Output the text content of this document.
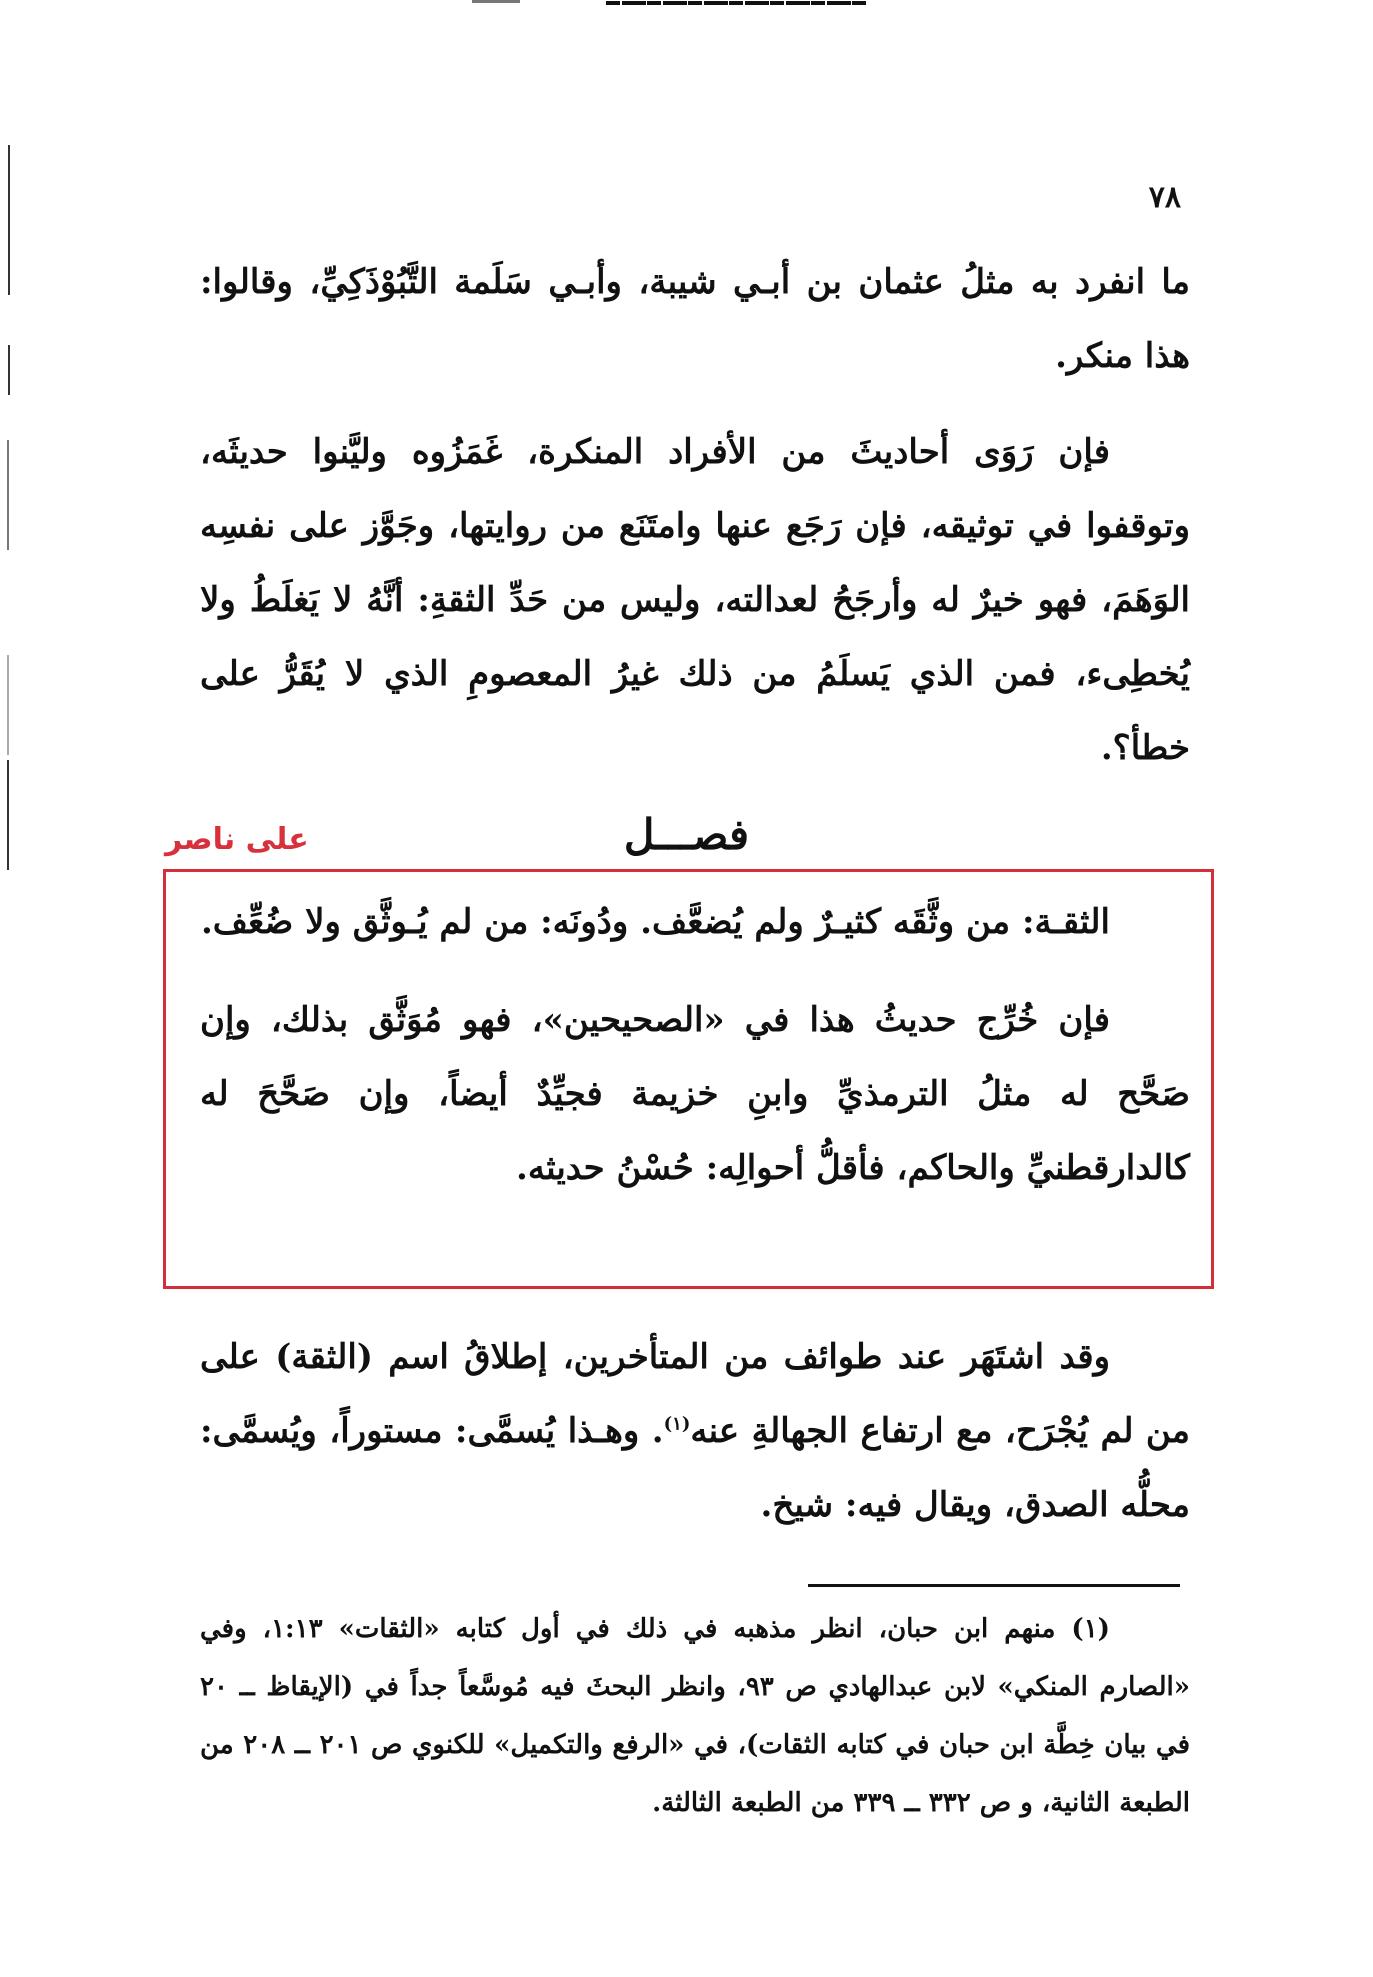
٧٨

ما انفرد به مثلُ عثمان بن أبـي شيبة، وأبـي سَلَمة التَّبُوْذَكِيِّ، وقالوا: هذا منكر.

فإن رَوَى أحاديثَ من الأفراد المنكرة، غَمَزُوه وليَّنوا حديثَه، وتوقفوا في توثيقه، فإن رَجَع عنها وامتَنَع من روايتها، وجَوَّز على نفسِه الوَهَمَ، فهو خيرٌ له وأرجَحُ لعدالته، وليس من حَدِّ الثقةِ: أنَّهُ لا يَغلَطُ ولا يُخطِىء، فمن الذي يَسلَمُ من ذلك غيرُ المعصومِ الذي لا يُقَرُّ على خطأ؟.

على ناصر	فصـــل

الثقـة: من وثَّقَه كثيـرٌ ولم يُضعَّف. ودُونَه: من لم يُـوثَّق ولا ضُعِّف.

فإن خُرِّج حديثُ هذا في «الصحيحين»، فهو مُوَثَّق بذلك، وإن صَحَّح له مثلُ الترمذيِّ وابنِ خزيمة فجيِّدٌ أيضاً، وإن صَحَّحَ له كالدارقطنيِّ والحاكم، فأقلُّ أحوالِه: حُسْنُ حديثه.

وقد اشتَهَر عند طوائف من المتأخرين، إطلاقُ اسم (الثقة) على من لم يُجْرَح، مع ارتفاع الجهالةِ عنه$^{(١)}$. وهـذا يُسمَّى: مستوراً، ويُسمَّى: محلُّه الصدق، ويقال فيه: شيخ.

(١) منهم ابن حبان، انظر مذهبه في ذلك في أول كتابه «الثقات» ١:١٣، وفي «الصارم المنكي» لابن عبدالهادي ص ٩٣، وانظر البحثَ فيه مُوسَّعاً جداً في (الإيقاظ ــ ٢٠ في بيان خِطَّة ابن حبان في كتابه الثقات)، في «الرفع والتكميل» للكنوي ص ٢٠١ ــ ٢٠٨ من الطبعة الثانية، و ص ٣٣٢ ــ ٣٣٩ من الطبعة الثالثة.
